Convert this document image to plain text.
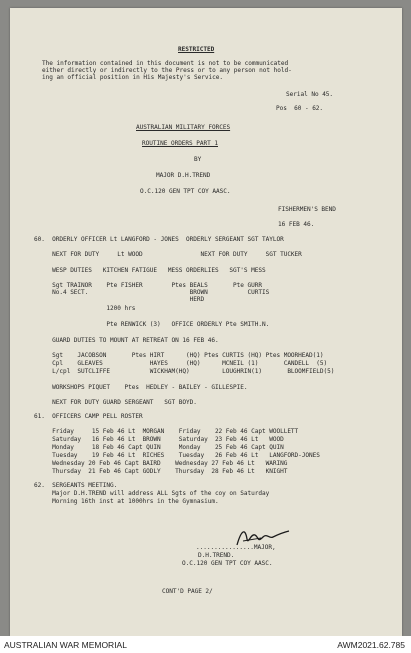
RESTRICTED
The information contained in this document is not to be communicated
either directly or indirectly to the Press or to any person not hold-
ing an official position in His Majesty's Service.
Serial No 45.
Pos  60 - 62.
AUSTRALIAN MILITARY FORCES
ROUTINE ORDERS PART 1
BY
MAJOR D.H.TREND
O.C.120 GEN TPT COY AASC.
FISHERMEN'S BEND
16 FEB 46.
60.  ORDERLY OFFICER Lt LANGFORD - JONES  ORDERLY SERGEANT SGT TAYLOR
NEXT FOR DUTY     Lt WOOD                NEXT FOR DUTY     SGT TUCKER
WESP DUTIES   KITCHEN FATIGUE   MESS ORDERLIES   SGT'S MESS
Sgt TRAINOR    Pte FISHER        Ptes BEALS       Pte GURR
No.4 SECT.                            BROWN           CURTIS
HERD
1200 hrs
Pte RENWICK (3)   OFFICE ORDERLY Pte SMITH.N.
GUARD DUTIES TO MOUNT AT RETREAT ON 16 FEB 46.
Sgt    JACOBSON       Ptes HIRT      (HQ) Ptes CURTIS (HQ) Ptes MOORHEAD(1)
Cpl    GLEAVES             HAYES     (HQ)      MCNEIL (1)       CANDELL  (5)
L/cpl  SUTCLIFFE           WICKHAM(HQ)         LOUGHRIN(1)       BLOOMFIELD(5)
WORKSHOPS PIQUET    Ptes  HEDLEY - BAILEY - GILLESPIE.
NEXT FOR DUTY GUARD SERGEANT   SGT BOYD.
61.  OFFICERS CAMP PELL ROSTER
Friday     15 Feb 46 Lt  MORGAN    Friday    22 Feb 46 Capt WOOLLETT
Saturday   16 Feb 46 Lt  BROWN     Saturday  23 Feb 46 Lt   WOOD
Monday     18 Feb 46 Capt QUIN     Monday    25 Feb 46 Capt QUIN
Tuesday    19 Feb 46 Lt  RICHES    Tuesday   26 Feb 46 Lt   LANGFORD-JONES
Wednesday 20 Feb 46 Capt BAIRD    Wednesday 27 Feb 46 Lt   WARING
Thursday  21 Feb 46 Capt GODLY    Thursday  28 Feb 46 Lt   KNIGHT
62.  SERGEANTS MEETING.
Major D.H.TREND will address ALL Sgts of the coy on Saturday
Morning 16th inst at 1000hrs in the Gymnasium.
................MAJOR,
D.H.TREND.
O.C.120 GEN TPT COY AASC.
CONT'D PAGE 2/
AUSTRALIAN WAR MEMORIAL	AWM2021.62.785
